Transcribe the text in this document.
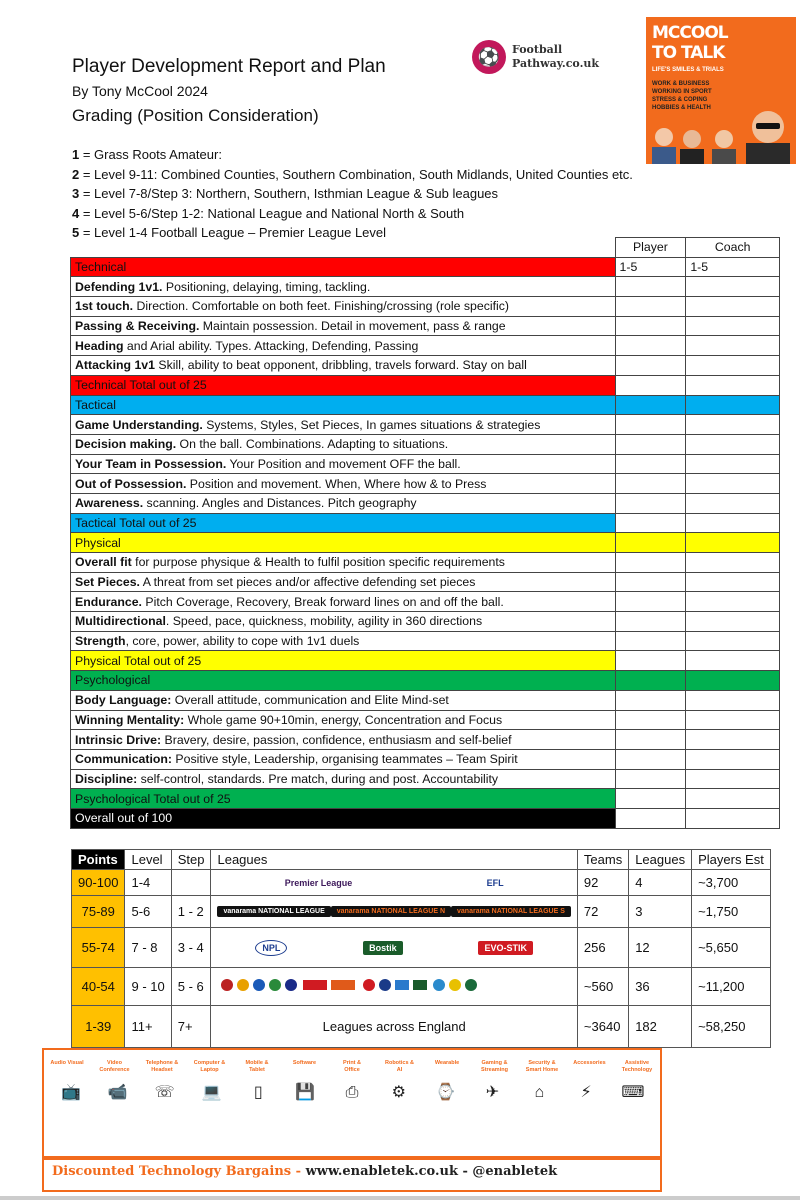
Player Development Report and Plan
By Tony McCool 2024
Grading (Position Consideration)
⚽	Football
Pathway.co.uk
MCCOOL
TO TALK
LIFE'S SMILES & TRIALS
WORK & BUSINESS
WORKING IN SPORT
STRESS & COPING
HOBBIES & HEALTH
1 = Grass Roots Amateur:
2 = Level 9-11: Combined Counties, Southern Combination, South Midlands, United Counties etc.
3 = Level 7-8/Step 3: Northern, Southern, Isthmian League & Sub leagues
4 = Level 5-6/Step 1-2: National League and National North & South
5 = Level 1-4 Football League – Premier League Level
	Player	Coach
Technical	1-5	1-5
Defending 1v1. Positioning, delaying, timing, tackling.		
1st touch. Direction. Comfortable on both feet. Finishing/crossing (role specific)		
Passing & Receiving. Maintain possession. Detail in movement, pass & range		
Heading and Arial ability. Types. Attacking, Defending, Passing		
Attacking 1v1 Skill, ability to beat opponent, dribbling, travels forward. Stay on ball		
Technical Total out of 25		
Tactical		
Game Understanding. Systems, Styles, Set Pieces, In games situations & strategies		
Decision making. On the ball. Combinations. Adapting to situations.		
Your Team in Possession. Your Position and movement OFF the ball.		
Out of Possession. Position and movement. When, Where how & to Press		
Awareness. scanning. Angles and Distances. Pitch geography		
Tactical Total out of 25		
Physical		
Overall fit for purpose physique & Health to fulfil position specific requirements		
Set Pieces. A threat from set pieces and/or affective defending set pieces		
Endurance. Pitch Coverage, Recovery, Break forward lines on and off the ball.		
Multidirectional. Speed, pace, quickness, mobility, agility in 360 directions		
Strength, core, power, ability to cope with 1v1 duels		
Physical Total out of 25		
Psychological		
Body Language: Overall attitude, communication and Elite Mind-set		
Winning Mentality: Whole game 90+10min, energy, Concentration and Focus		
Intrinsic Drive: Bravery, desire, passion, confidence, enthusiasm and self-belief		
Communication: Positive style, Leadership, organising teammates – Team Spirit		
Discipline: self-control, standards. Pre match, during and post. Accountability		
Psychological Total out of 25		
Overall out of 100		
Points	Level	Step	Leagues	Teams	Leagues	Players Est
90-100	1-4		Premier League EFL	92	4	~3,700
75-89	5-6	1 - 2	vanarama NATIONAL LEAGUE vanarama NATIONAL LEAGUE N vanarama NATIONAL LEAGUE S	72	3	~1,750
55-74	7 - 8	3 - 4	NPL Bostik EVO-STIK	256	12	~5,650
40-54	9 - 10	5 - 6		~560	36	~11,200
1-39	11+	7+	Leagues across England	~3640	182	~58,250
Audio Visual	Video Conference
Telephone & Headset
Computer & Laptop
Mobile & Tablet
Software	Print & Office
Robotics & AI
Wearable	Gaming & Streaming
Security & Smart Home
Accessories	Assistive Technology
📺	📹	☏	💻	▯	💾	⎙	⚙	⌚	✈	⌂	⚡	⌨
Discounted Technology Bargains - www.enabletek.co.uk - @enabletek
